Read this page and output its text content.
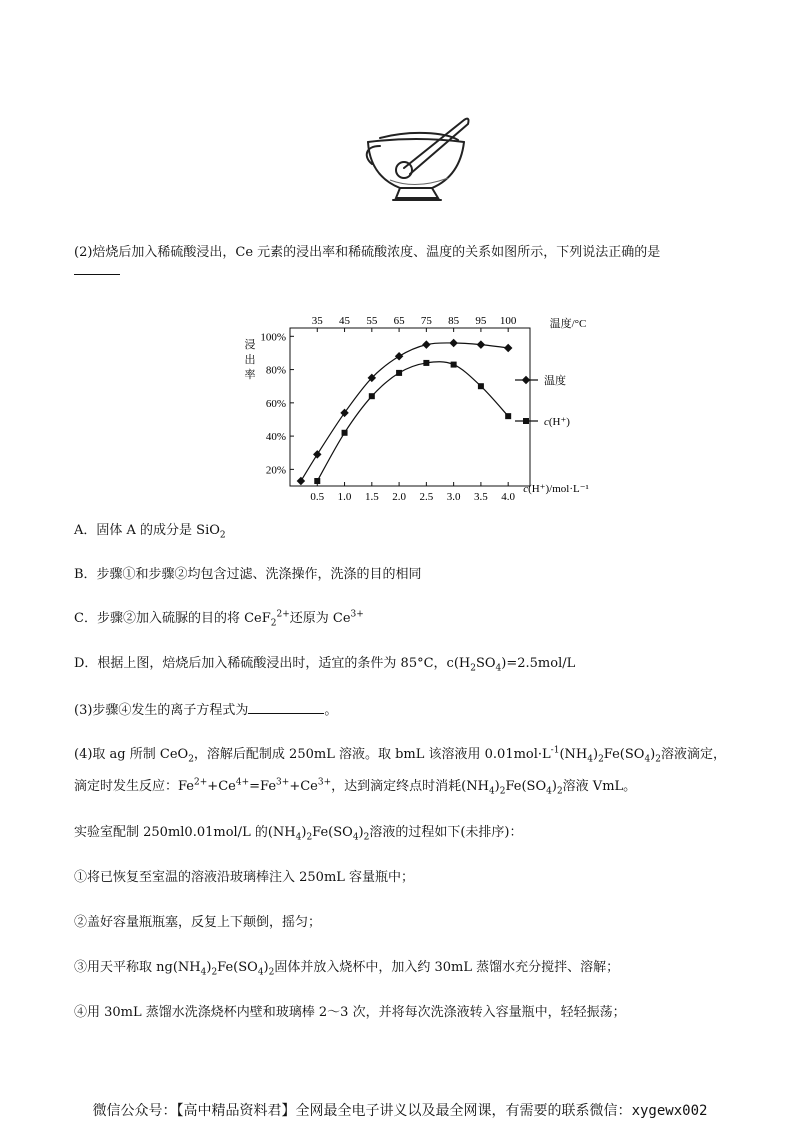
(2)焙烧后加入稀硫酸浸出，Ce 元素的浸出率和稀硫酸浓度、温度的关系如图所示，下列说法正确的是
浸
出
率
20%
40%
60%
80%
100%
35 45 55 65 75 85 95 100
0.5 1.0 1.5 2.0 2.5 3.0 3.5 4.0
温度/°C
c(H⁺)/mol·L⁻¹
温度
c(H⁺)
A．固体 A 的成分是 SiO$_2$
B．步骤①和步骤②均包含过滤、洗涤操作，洗涤的目的相同
C．步骤②加入硫脲的目的将 CeF$_2^{2+}$还原为 $Ce^{3+}$
D．根据上图，焙烧后加入稀硫酸浸出时，适宜的条件为 85°C，$c(H_2SO_4)=2.5mol/L$
(3)步骤④发生的离子方程式为	。
(4)取 ag 所制 CeO$_2$，溶解后配制成 250mL 溶液。取 bmL 该溶液用 $0.01mol\cdot L^{-1}(NH_4)_2Fe(SO_4)_2$溶液滴定，
滴定时发生反应：$Fe^{2+}+Ce^{4+}=Fe^{3+}+Ce^{3+}$，达到滴定终点时消耗$(NH_4)_2Fe(SO_4)_2$溶液 VmL。
实验室配制 250ml0.01mol/L 的$(NH_4)_2Fe(SO_4)_2$溶液的过程如下(未排序)：
①将已恢复至室温的溶液沿玻璃棒注入 250mL 容量瓶中；
②盖好容量瓶瓶塞，反复上下颠倒，摇匀；
③用天平称取 $ng(NH_4)_2Fe(SO_4)_2$固体并放入烧杯中，加入约 30mL 蒸馏水充分搅拌、溶解；
④用 30mL 蒸馏水洗涤烧杯内壁和玻璃棒 2～3 次，并将每次洗涤液转入容量瓶中，轻轻振荡；
微信公众号：【高中精品资料君】全网最全电子讲义以及最全网课，有需要的联系微信：xygewx002
